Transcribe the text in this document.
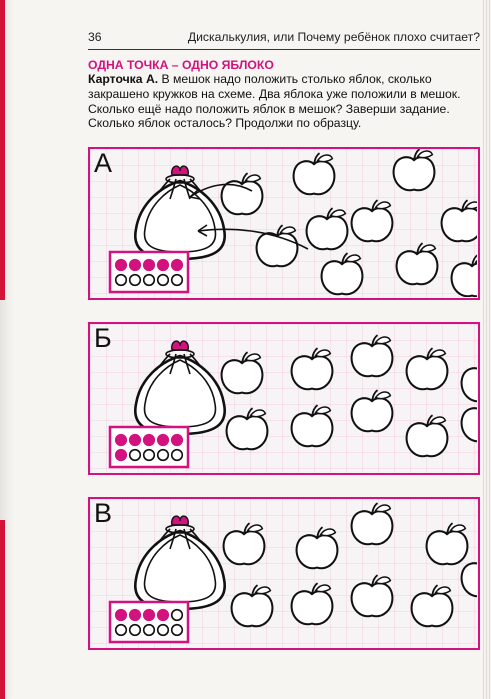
36	Дискалькулия, или Почему ребёнок плохо считает?
ОДНА ТОЧКА – ОДНО ЯБЛОКО
Карточка А. В мешок надо положить столько яблок, сколько закрашено кружков на схеме. Два яблока уже положили в мешок. Сколько ещё надо положить яблок в мешок? Заверши задание. Сколько яблок осталось? Продолжи по образцу.
А
Б
В
